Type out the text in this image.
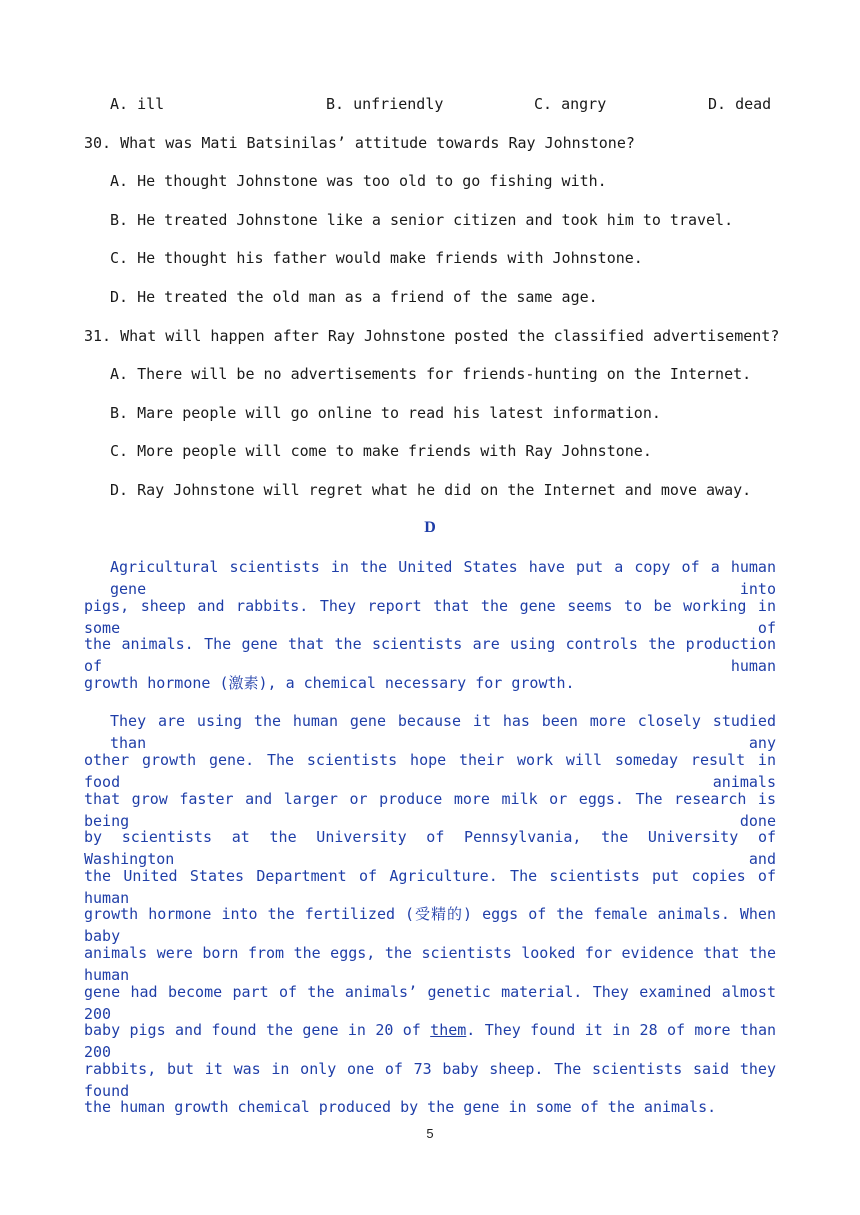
A. ill	B. unfriendly	C. angry	D. dead
30. What was Mati Batsinilas’ attitude towards Ray Johnstone?
A. He thought Johnstone was too old to go fishing with.
B. He treated Johnstone like a senior citizen and took him to travel.
C. He thought his father would make friends with Johnstone.
D. He treated the old man as a friend of the same age.
31. What will happen after Ray Johnstone posted the classified advertisement?
A. There will be no advertisements for friends-hunting on the Internet.
B. Mare people will go online to read his latest information.
C. More people will come to make friends with Ray Johnstone.
D. Ray Johnstone will regret what he did on the Internet and move away.
D
Agricultural scientists in the United States have put a copy of a human gene into
pigs, sheep and rabbits. They report that the gene seems to be working in some of
the animals. The gene that the scientists are using controls the production of human
growth hormone (激素), a chemical necessary for growth.
They are using the human gene because it has been more closely studied than any
other growth gene. The scientists hope their work will someday result in food animals
that grow faster and larger or produce more milk or eggs. The research is being done
by scientists at the University of Pennsylvania, the University of Washington and
the United States Department of Agriculture. The scientists put copies of human
growth hormone into the fertilized (受精的) eggs of the female animals. When baby
animals were born from the eggs, the scientists looked for evidence that the human
gene had become part of the animals’ genetic material. They examined almost 200
baby pigs and found the gene in 20 of them. They found it in 28 of more than 200
rabbits, but it was in only one of 73 baby sheep. The scientists said they found
the human growth chemical produced by the gene in some of the animals.
5
